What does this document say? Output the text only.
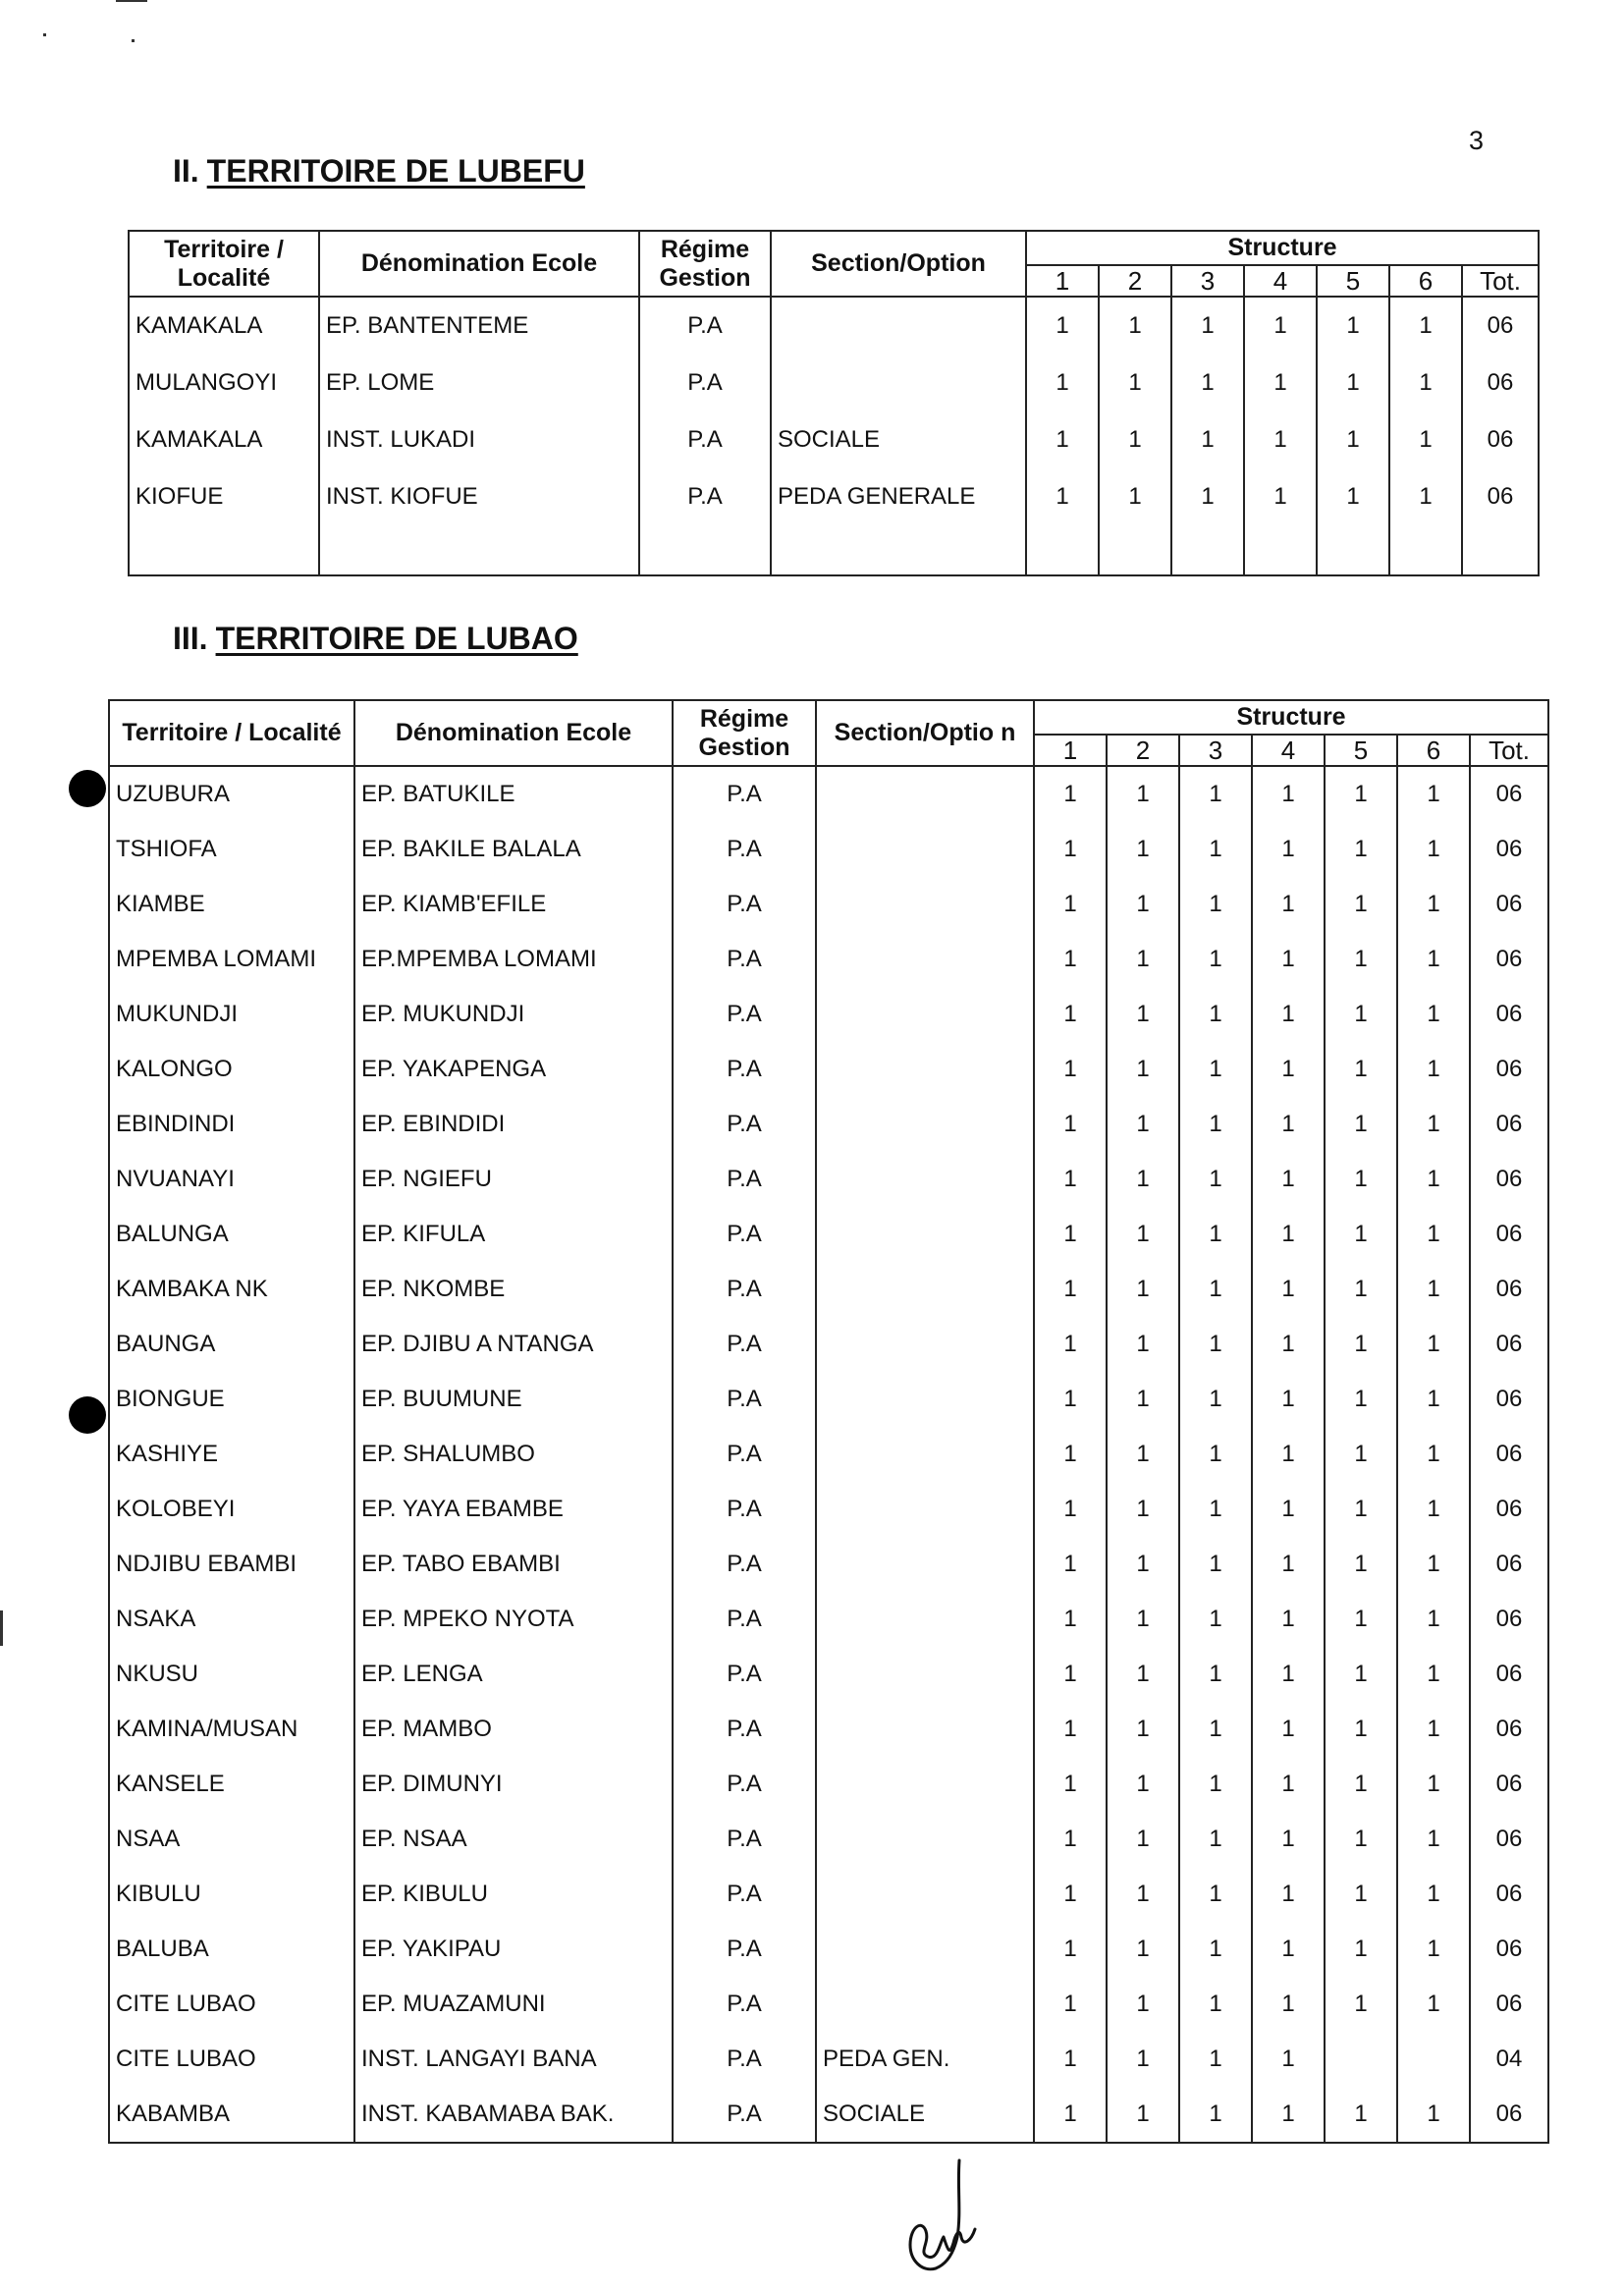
3
II. TERRITOIRE DE LUBEFU
Territoire / Localité	Dénomination Ecole	Régime Gestion	Section/Option	Structure						
				1	2	3	4	5	6	Tot.
KAMAKALA	EP. BANTENTEME	P.A		1	1	1	1	1	1	06
MULANGOYI	EP. LOME	P.A		1	1	1	1	1	1	06
KAMAKALA	INST. LUKADI	P.A	SOCIALE	1	1	1	1	1	1	06
KIOFUE	INST. KIOFUE	P.A	PEDA GENERALE	1	1	1	1	1	1	06

III. TERRITOIRE DE LUBAO
Territoire / Localité	Dénomination Ecole	Régime Gestion	Section/Optio n	Structure						
				1	2	3	4	5	6	Tot.
UZUBURA	EP. BATUKILE	P.A		1	1	1	1	1	1	06
TSHIOFA	EP. BAKILE BALALA	P.A		1	1	1	1	1	1	06
KIAMBE	EP. KIAMB'EFILE	P.A		1	1	1	1	1	1	06
MPEMBA LOMAMI	EP.MPEMBA LOMAMI	P.A		1	1	1	1	1	1	06
MUKUNDJI	EP. MUKUNDJI	P.A		1	1	1	1	1	1	06
KALONGO	EP. YAKAPENGA	P.A		1	1	1	1	1	1	06
EBINDINDI	EP. EBINDIDI	P.A		1	1	1	1	1	1	06
NVUANAYI	EP. NGIEFU	P.A		1	1	1	1	1	1	06
BALUNGA	EP. KIFULA	P.A		1	1	1	1	1	1	06
KAMBAKA NK	EP. NKOMBE	P.A		1	1	1	1	1	1	06
BAUNGA	EP. DJIBU A NTANGA	P.A		1	1	1	1	1	1	06
BIONGUE	EP. BUUMUNE	P.A		1	1	1	1	1	1	06
KASHIYE	EP. SHALUMBO	P.A		1	1	1	1	1	1	06
KOLOBEYI	EP. YAYA EBAMBE	P.A		1	1	1	1	1	1	06
NDJIBU EBAMBI	EP. TABO EBAMBI	P.A		1	1	1	1	1	1	06
NSAKA	EP. MPEKO NYOTA	P.A		1	1	1	1	1	1	06
NKUSU	EP. LENGA	P.A		1	1	1	1	1	1	06
KAMINA/MUSAN	EP. MAMBO	P.A		1	1	1	1	1	1	06
KANSELE	EP. DIMUNYI	P.A		1	1	1	1	1	1	06
NSAA	EP. NSAA	P.A		1	1	1	1	1	1	06
KIBULU	EP. KIBULU	P.A		1	1	1	1	1	1	06
BALUBA	EP. YAKIPAU	P.A		1	1	1	1	1	1	06
CITE LUBAO	EP. MUAZAMUNI	P.A		1	1	1	1	1	1	06
CITE LUBAO	INST. LANGAYI BANA	P.A	PEDA GEN.	1	1	1	1			04
KABAMBA	INST. KABAMABA BAK.	P.A	SOCIALE	1	1	1	1	1	1	06
